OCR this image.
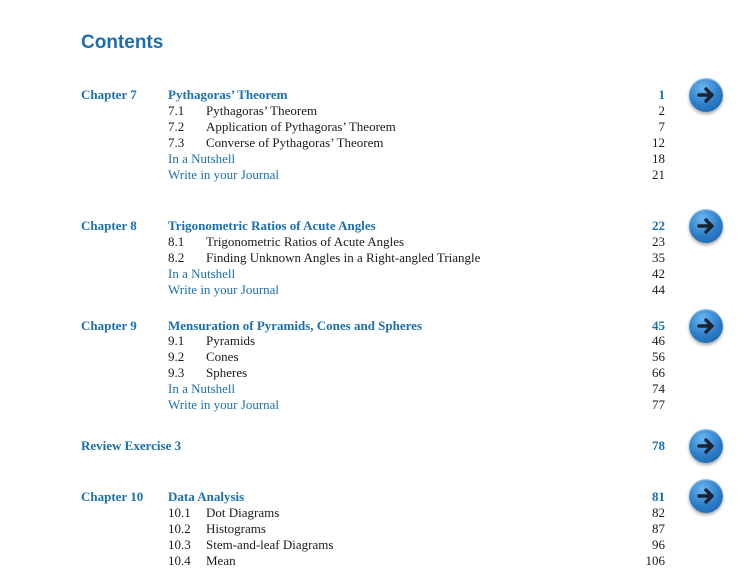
Contents
Chapter 7 Pythagoras’ Theorem	1
7.1 Pythagoras’ Theorem	2
7.2 Application of Pythagoras’ Theorem	7
7.3 Converse of Pythagoras’ Theorem	12
In a Nutshell	18
Write in your Journal	21
Chapter 8 Trigonometric Ratios of Acute Angles	22
8.1 Trigonometric Ratios of Acute Angles	23
8.2 Finding Unknown Angles in a Right-angled Triangle	35
In a Nutshell	42
Write in your Journal	44
Chapter 9 Mensuration of Pyramids, Cones and Spheres	45
9.1 Pyramids	46
9.2 Cones	56
9.3 Spheres	66
In a Nutshell	74
Write in your Journal	77
Review Exercise 3	78
Chapter 10 Data Analysis	81
10.1 Dot Diagrams	82
10.2 Histograms	87
10.3 Stem-and-leaf Diagrams	96
10.4 Mean	106
